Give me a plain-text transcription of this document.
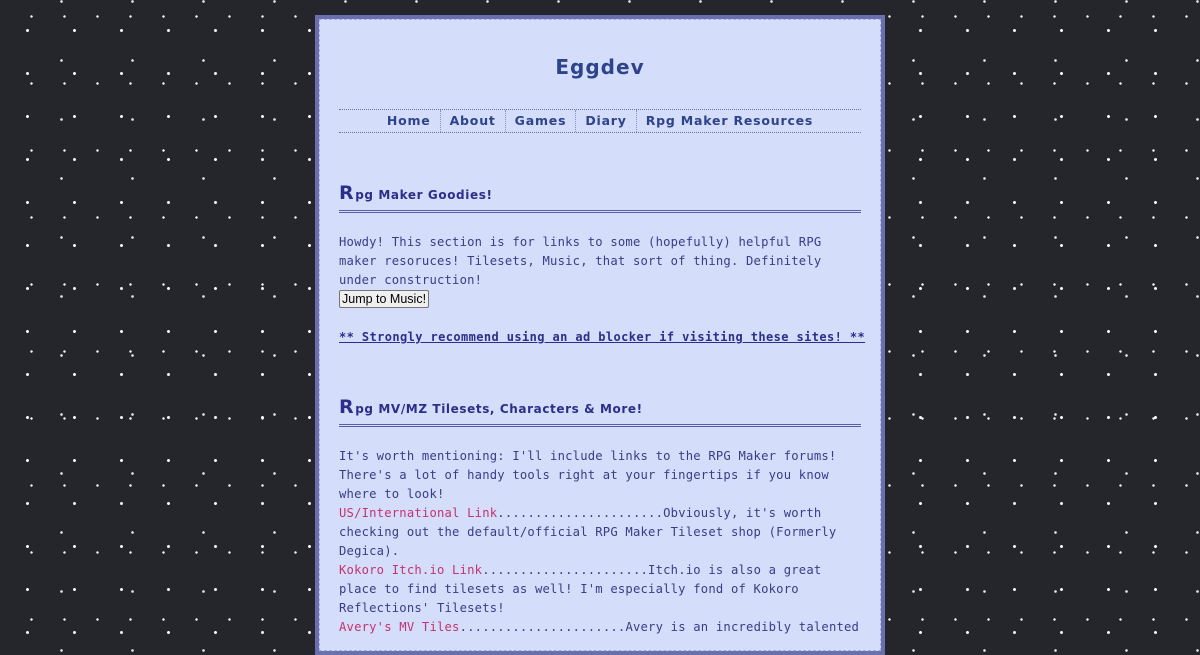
Eggdev
Home	About	Games	Diary	Rpg Maker Resources
Rpg Maker Goodies!
Howdy! This section is for links to some (hopefully) helpful RPG maker resoruces! Tilesets, Music, that sort of thing. Definitely under construction!
Jump to Music!
** Strongly recommend using an ad blocker if visiting these sites! **
Rpg MV/MZ Tilesets, Characters & More!
It's worth mentioning: I'll include links to the RPG Maker forums! There's a lot of handy tools right at your fingertips if you know where to look!
US/International Link......................Obviously, it's worth checking out the default/official RPG Maker Tileset shop (Formerly Degica).
Kokoro Itch.io Link......................Itch.io is also a great place to find tilesets as well! I'm especially fond of Kokoro Reflections' Tilesets!
Avery's MV Tiles......................Avery is an incredibly talented
